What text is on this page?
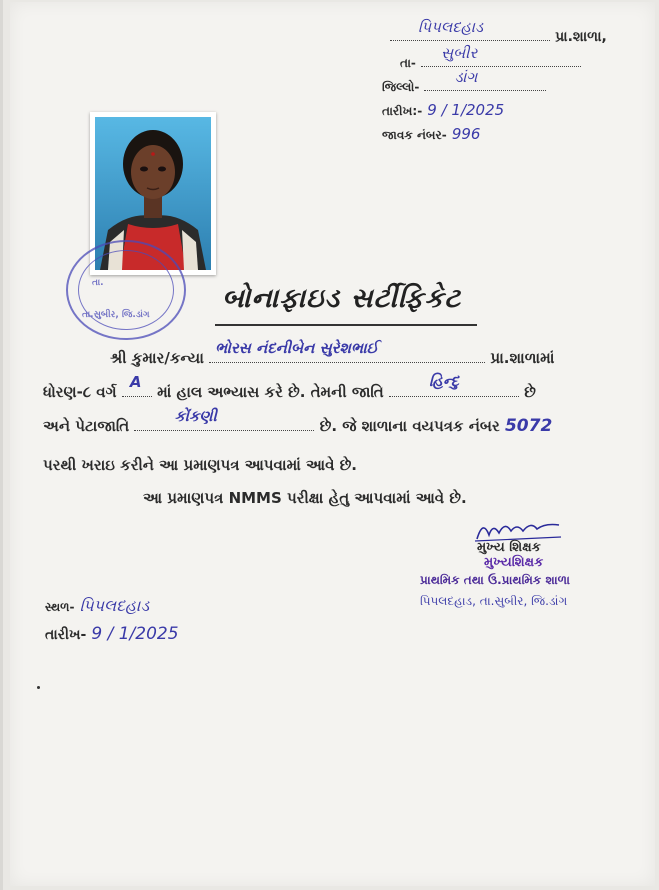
પિપલદહાડ
પ્રા.શાળા,
તા-
સુબીર
જિલ્લો-
ડાંગ
તારીખ:- 9 / 1/2025
જાવક નંબર- 996
તા.
તા.સુબીર, જિ.ડાંગ
બોનાફાઇડ સર્ટીફિકેટ
શ્રી કુમાર/કન્યા
ભોરસ નંદનીબેન સુરેશભાઈ
પ્રા.શાળામાં
ધોરણ-૮ વર્ગ
A
માં હાલ અભ્યાસ કરે છે. તેમની જાતિ
હિન્દુ
છે
અને પેટાજાતિ
કોંકણી
છે. જે શાળાના વયપત્રક નંબર 5072
પરથી ખરાઇ કરીને આ પ્રમાણપત્ર આપવામાં આવે છે.
આ પ્રમાણપત્ર NMMS પરીક્ષા હેતુ આપવામાં આવે છે.
મુખ્ય શિક્ષક
મુખ્યશિક્ષક
પ્રાથમિક તથા ઉ.પ્રાથમિક શાળા
પિપલદહાડ, તા.સુબીર, જિ.ડાંગ
સ્થળ- પિપલદહાડ
તારીખ- 9 / 1/2025
